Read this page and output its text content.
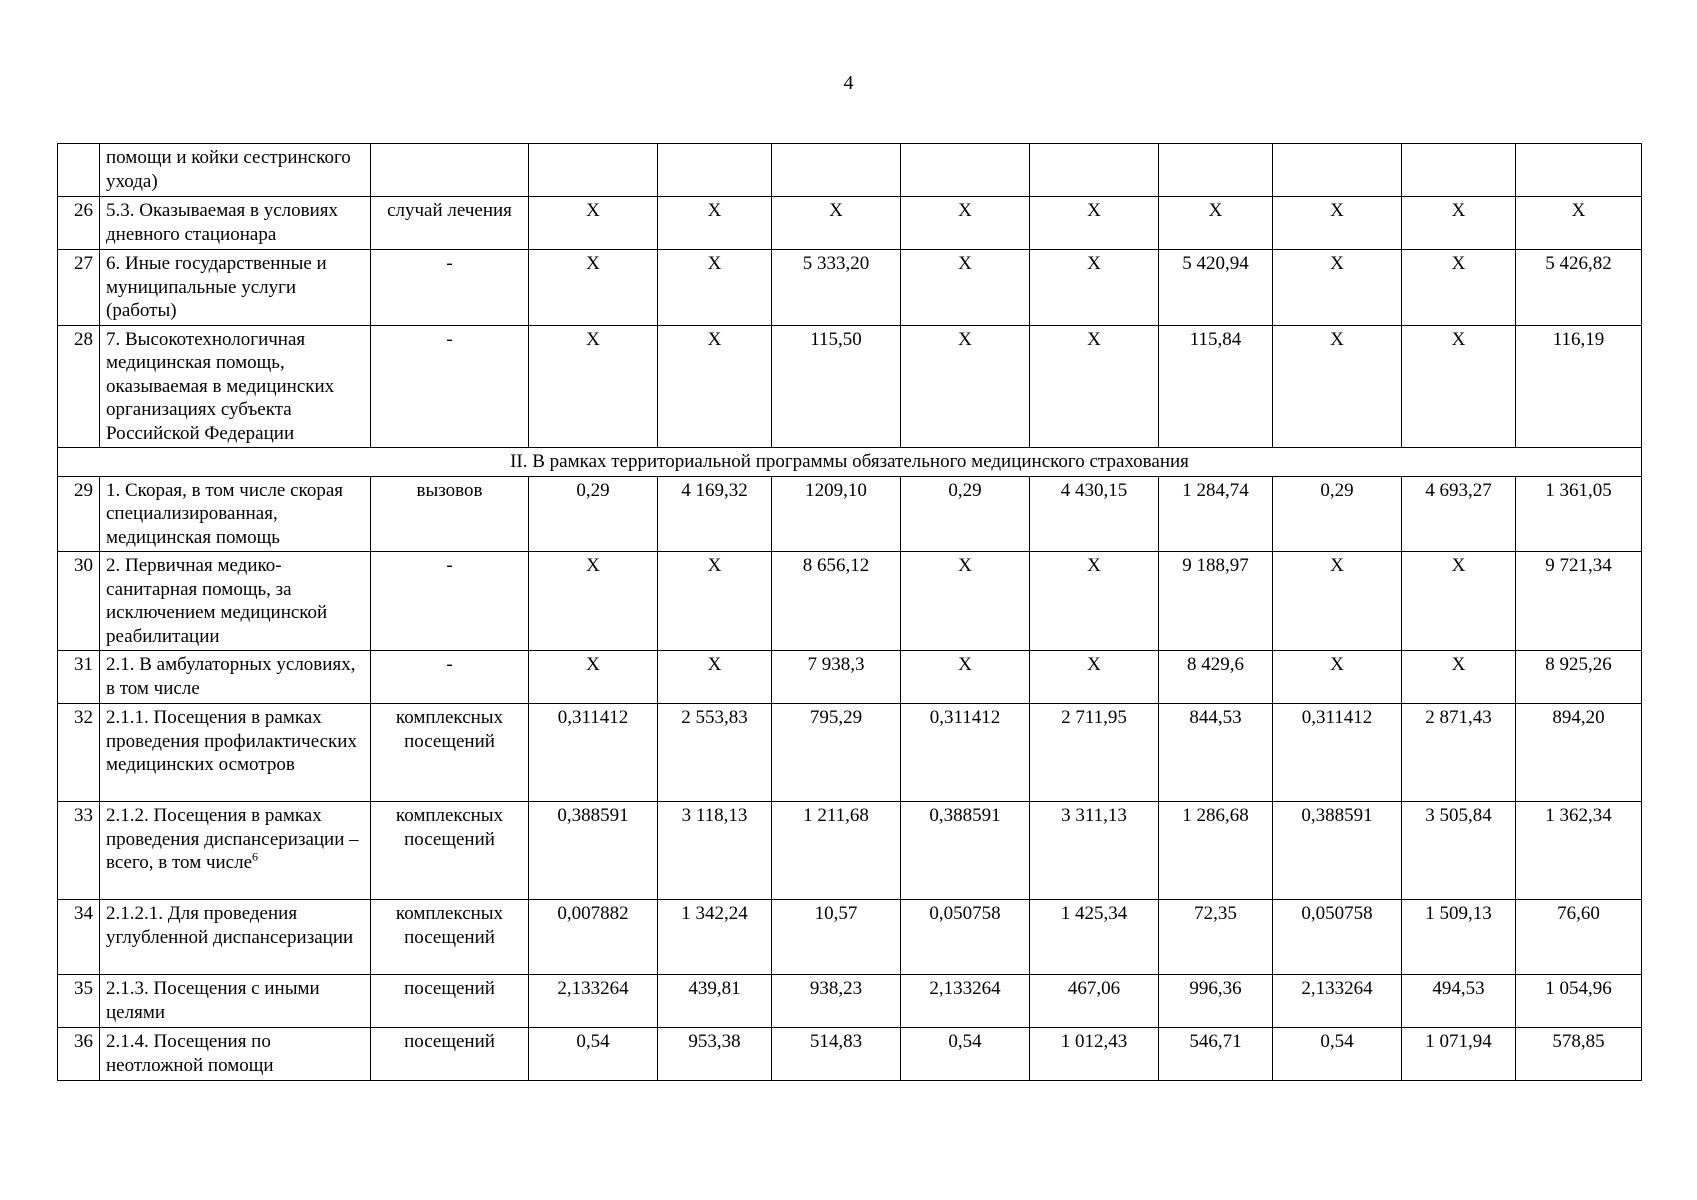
4
	помощи и койки сестринского ухода)										
26	5.3. Оказываемая в условиях дневного стационара	случай лечения	Х	Х	Х	Х	Х	Х	Х	Х	Х
27	6. Иные государственные и муниципальные услуги (работы)	-	Х	Х	5 333,20	Х	Х	5 420,94	Х	Х	5 426,82
28	7. Высокотехнологичная медицинская помощь, оказываемая в медицинских организациях субъекта Российской Федерации	-	Х	Х	115,50	Х	Х	115,84	Х	Х	116,19
II. В рамках территориальной программы обязательного медицинского страхования											
29	1. Скорая, в том числе скорая специализированная, медицинская помощь	вызовов	0,29	4 169,32	1209,10	0,29	4 430,15	1 284,74	0,29	4 693,27	1 361,05
30	2. Первичная медико-санитарная помощь, за исключением медицинской реабилитации	-	Х	Х	8 656,12	Х	Х	9 188,97	Х	Х	9 721,34
31	2.1. В амбулаторных условиях, в том числе	-	Х	Х	7 938,3	Х	Х	8 429,6	Х	Х	8 925,26
32	2.1.1. Посещения в рамках проведения профилактических медицинских осмотров	комплексных посещений	0,311412	2 553,83	795,29	0,311412	2 711,95	844,53	0,311412	2 871,43	894,20
33	2.1.2. Посещения в рамках проведения диспансеризации – всего, в том числе$^6$	комплексных посещений	0,388591	3 118,13	1 211,68	0,388591	3 311,13	1 286,68	0,388591	3 505,84	1 362,34
34	2.1.2.1. Для проведения углубленной диспансеризации	комплексных посещений	0,007882	1 342,24	10,57	0,050758	1 425,34	72,35	0,050758	1 509,13	76,60
35	2.1.3. Посещения с иными целями	посещений	2,133264	439,81	938,23	2,133264	467,06	996,36	2,133264	494,53	1 054,96
36	2.1.4. Посещения по неотложной помощи	посещений	0,54	953,38	514,83	0,54	1 012,43	546,71	0,54	1 071,94	578,85
